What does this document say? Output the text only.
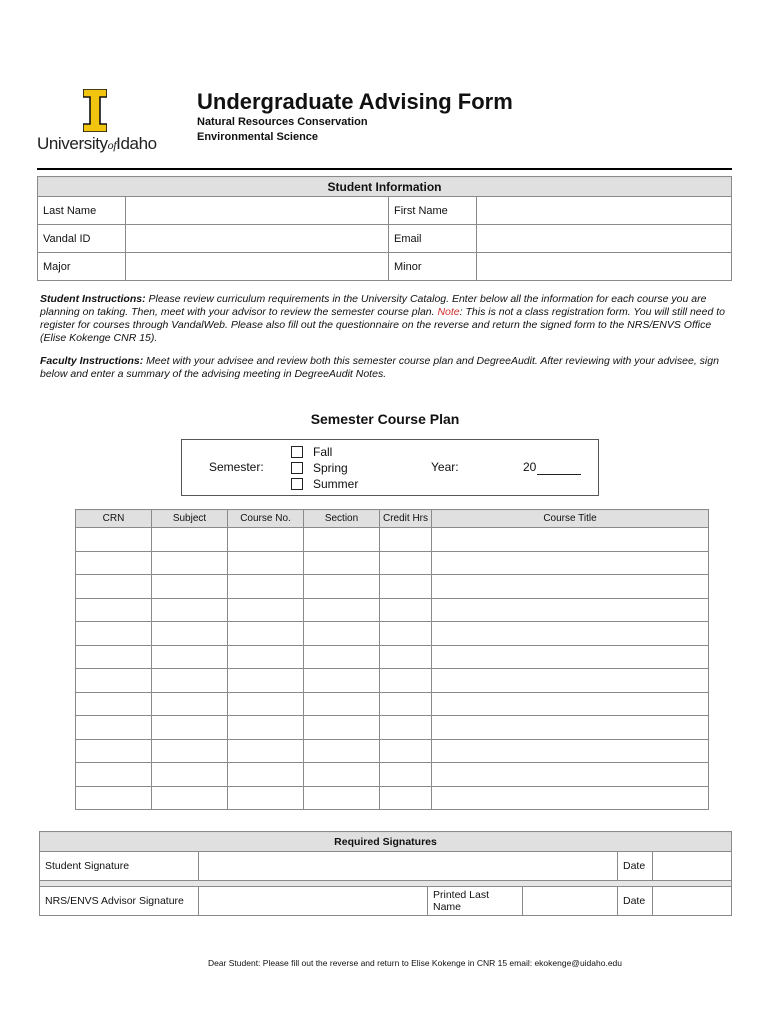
UniversityofIdaho
Undergraduate Advising Form
Natural Resources Conservation
Environmental Science
Student Information			
Last Name		First Name	
Vandal ID		Email	
Major		Minor	
Student Instructions: Please review curriculum requirements in the University Catalog. Enter below all the information for each course you are planning on taking. Then, meet with your advisor to review the semester course plan. Note: This is not a class registration form. You will still need to register for courses through VandalWeb. Please also fill out the questionnaire on the reverse and return the signed form to the NRS/ENVS Office (Elise Kokenge CNR 15).
Faculty Instructions: Meet with your advisee and review both this semester course plan and DegreeAudit. After reviewing with your advisee, sign below and enter a summary of the advising meeting in DegreeAudit Notes.
Semester Course Plan
Semester:
Fall
Spring
Summer
Year:	20
CRN	Subject	Course No.	Section	Credit Hrs	Course Title

Required Signatures					
Student Signature				Date	

NRS/ENVS Advisor Signature		Printed Last Name		Date	
Dear Student: Please fill out the reverse and return to Elise Kokenge in CNR 15 email: ekokenge@uidaho.edu
